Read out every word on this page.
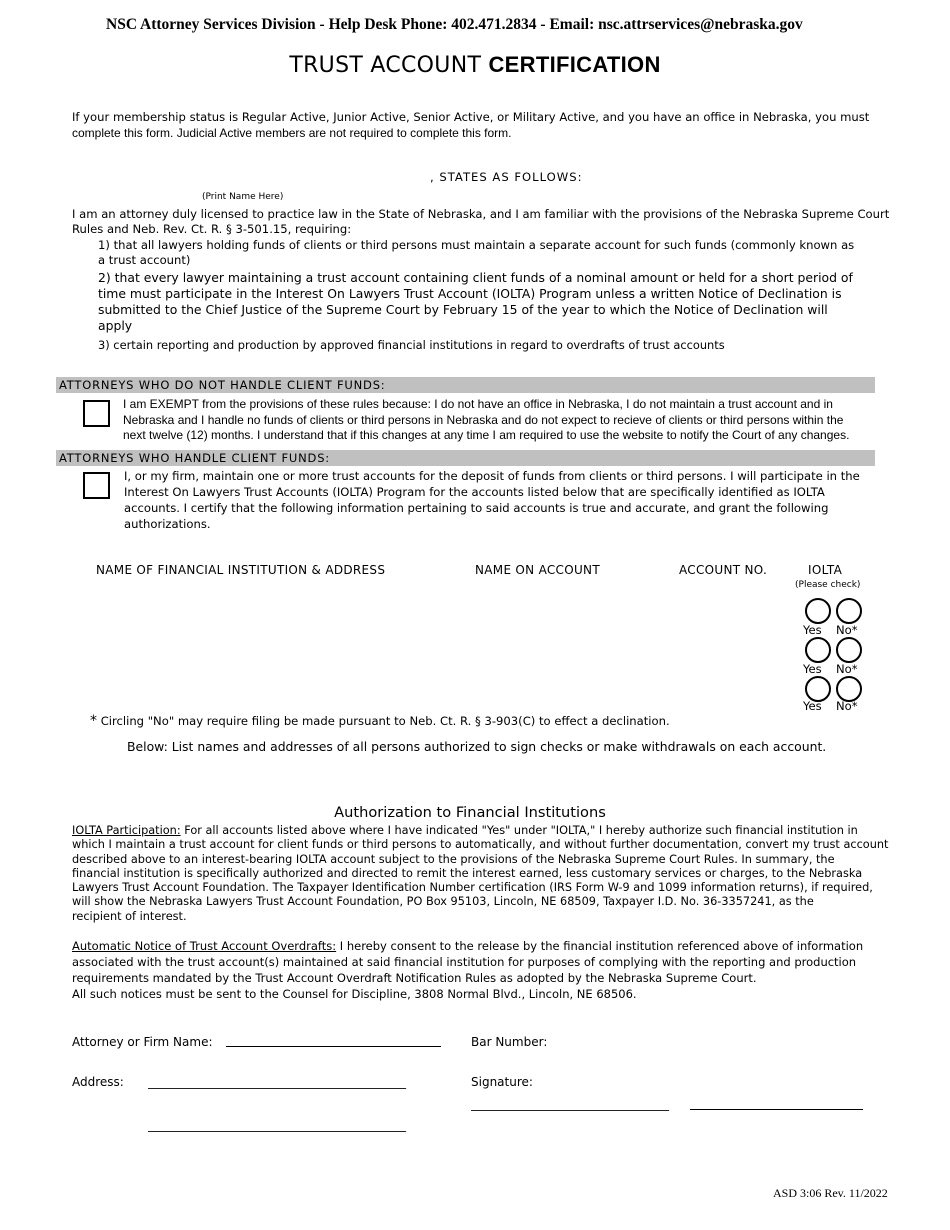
NSC Attorney Services Division - Help Desk Phone: 402.471.2834 - Email: nsc.attrservices@nebraska.gov
TRUST ACCOUNT CERTIFICATION
If your membership status is Regular Active, Junior Active, Senior Active, or Military Active, and you have an office in Nebraska, you must
complete this form. Judicial Active members are not required to complete this form.
, STATES AS FOLLOWS:
(Print Name Here)
I am an attorney duly licensed to practice law in the State of Nebraska, and I am familiar with the provisions of the Nebraska Supreme Court
Rules and Neb. Rev. Ct. R. § 3-501.15, requiring:
1) that all lawyers holding funds of clients or third persons must maintain a separate account for such funds (commonly known as
a trust account)
2) that every lawyer maintaining a trust account containing client funds of a nominal amount or held for a short period of
time must participate in the Interest On Lawyers Trust Account (IOLTA) Program unless a written Notice of Declination is
submitted to the Chief Justice of the Supreme Court by February 15 of the year to which the Notice of Declination will
apply
3) certain reporting and production by approved financial institutions in regard to overdrafts of trust accounts
ATTORNEYS WHO DO NOT HANDLE CLIENT FUNDS:
I am EXEMPT from the provisions of these rules because: I do not have an office in Nebraska, I do not maintain a trust account and in
Nebraska and I handle no funds of clients or third persons in Nebraska and do not expect to recieve of clients or third persons within the
next twelve (12) months. I understand that if this changes at any time I am required to use the website to notify the Court of any changes.
ATTORNEYS WHO HANDLE CLIENT FUNDS:
I, or my firm, maintain one or more trust accounts for the deposit of funds from clients or third persons. I will participate in the
Interest On Lawyers Trust Accounts (IOLTA) Program for the accounts listed below that are specifically identified as IOLTA
accounts. I certify that the following information pertaining to said accounts is true and accurate, and grant the following
authorizations.
NAME OF FINANCIAL INSTITUTION & ADDRESS	NAME ON ACCOUNT	ACCOUNT NO.	IOLTA
(Please check)
Yes No*
Yes No*
Yes No*
* Circling "No" may require filing be made pursuant to Neb. Ct. R. § 3-903(C) to effect a declination.
Below: List names and addresses of all persons authorized to sign checks or make withdrawals on each account.
Authorization to Financial Institutions
IOLTA Participation: For all accounts listed above where I have indicated "Yes" under "IOLTA," I hereby authorize such financial institution in
which I maintain a trust account for client funds or third persons to automatically, and without further documentation, convert my trust account
described above to an interest-bearing IOLTA account subject to the provisions of the Nebraska Supreme Court Rules. In summary, the
financial institution is specifically authorized and directed to remit the interest earned, less customary services or charges, to the Nebraska
Lawyers Trust Account Foundation. The Taxpayer Identification Number certification (IRS Form W-9 and 1099 information returns), if required,
will show the Nebraska Lawyers Trust Account Foundation, PO Box 95103, Lincoln, NE 68509, Taxpayer I.D. No. 36-3357241, as the
recipient of interest.
Automatic Notice of Trust Account Overdrafts: I hereby consent to the release by the financial institution referenced above of information
associated with the trust account(s) maintained at said financial institution for purposes of complying with the reporting and production
requirements mandated by the Trust Account Overdraft Notification Rules as adopted by the Nebraska Supreme Court.
All such notices must be sent to the Counsel for Discipline, 3808 Normal Blvd., Lincoln, NE 68506.
Attorney or Firm Name:	Bar Number:
Address: ___________________________________________
___________________________________________
Signature:
_________________________________
ASD 3:06 Rev. 11/2022
